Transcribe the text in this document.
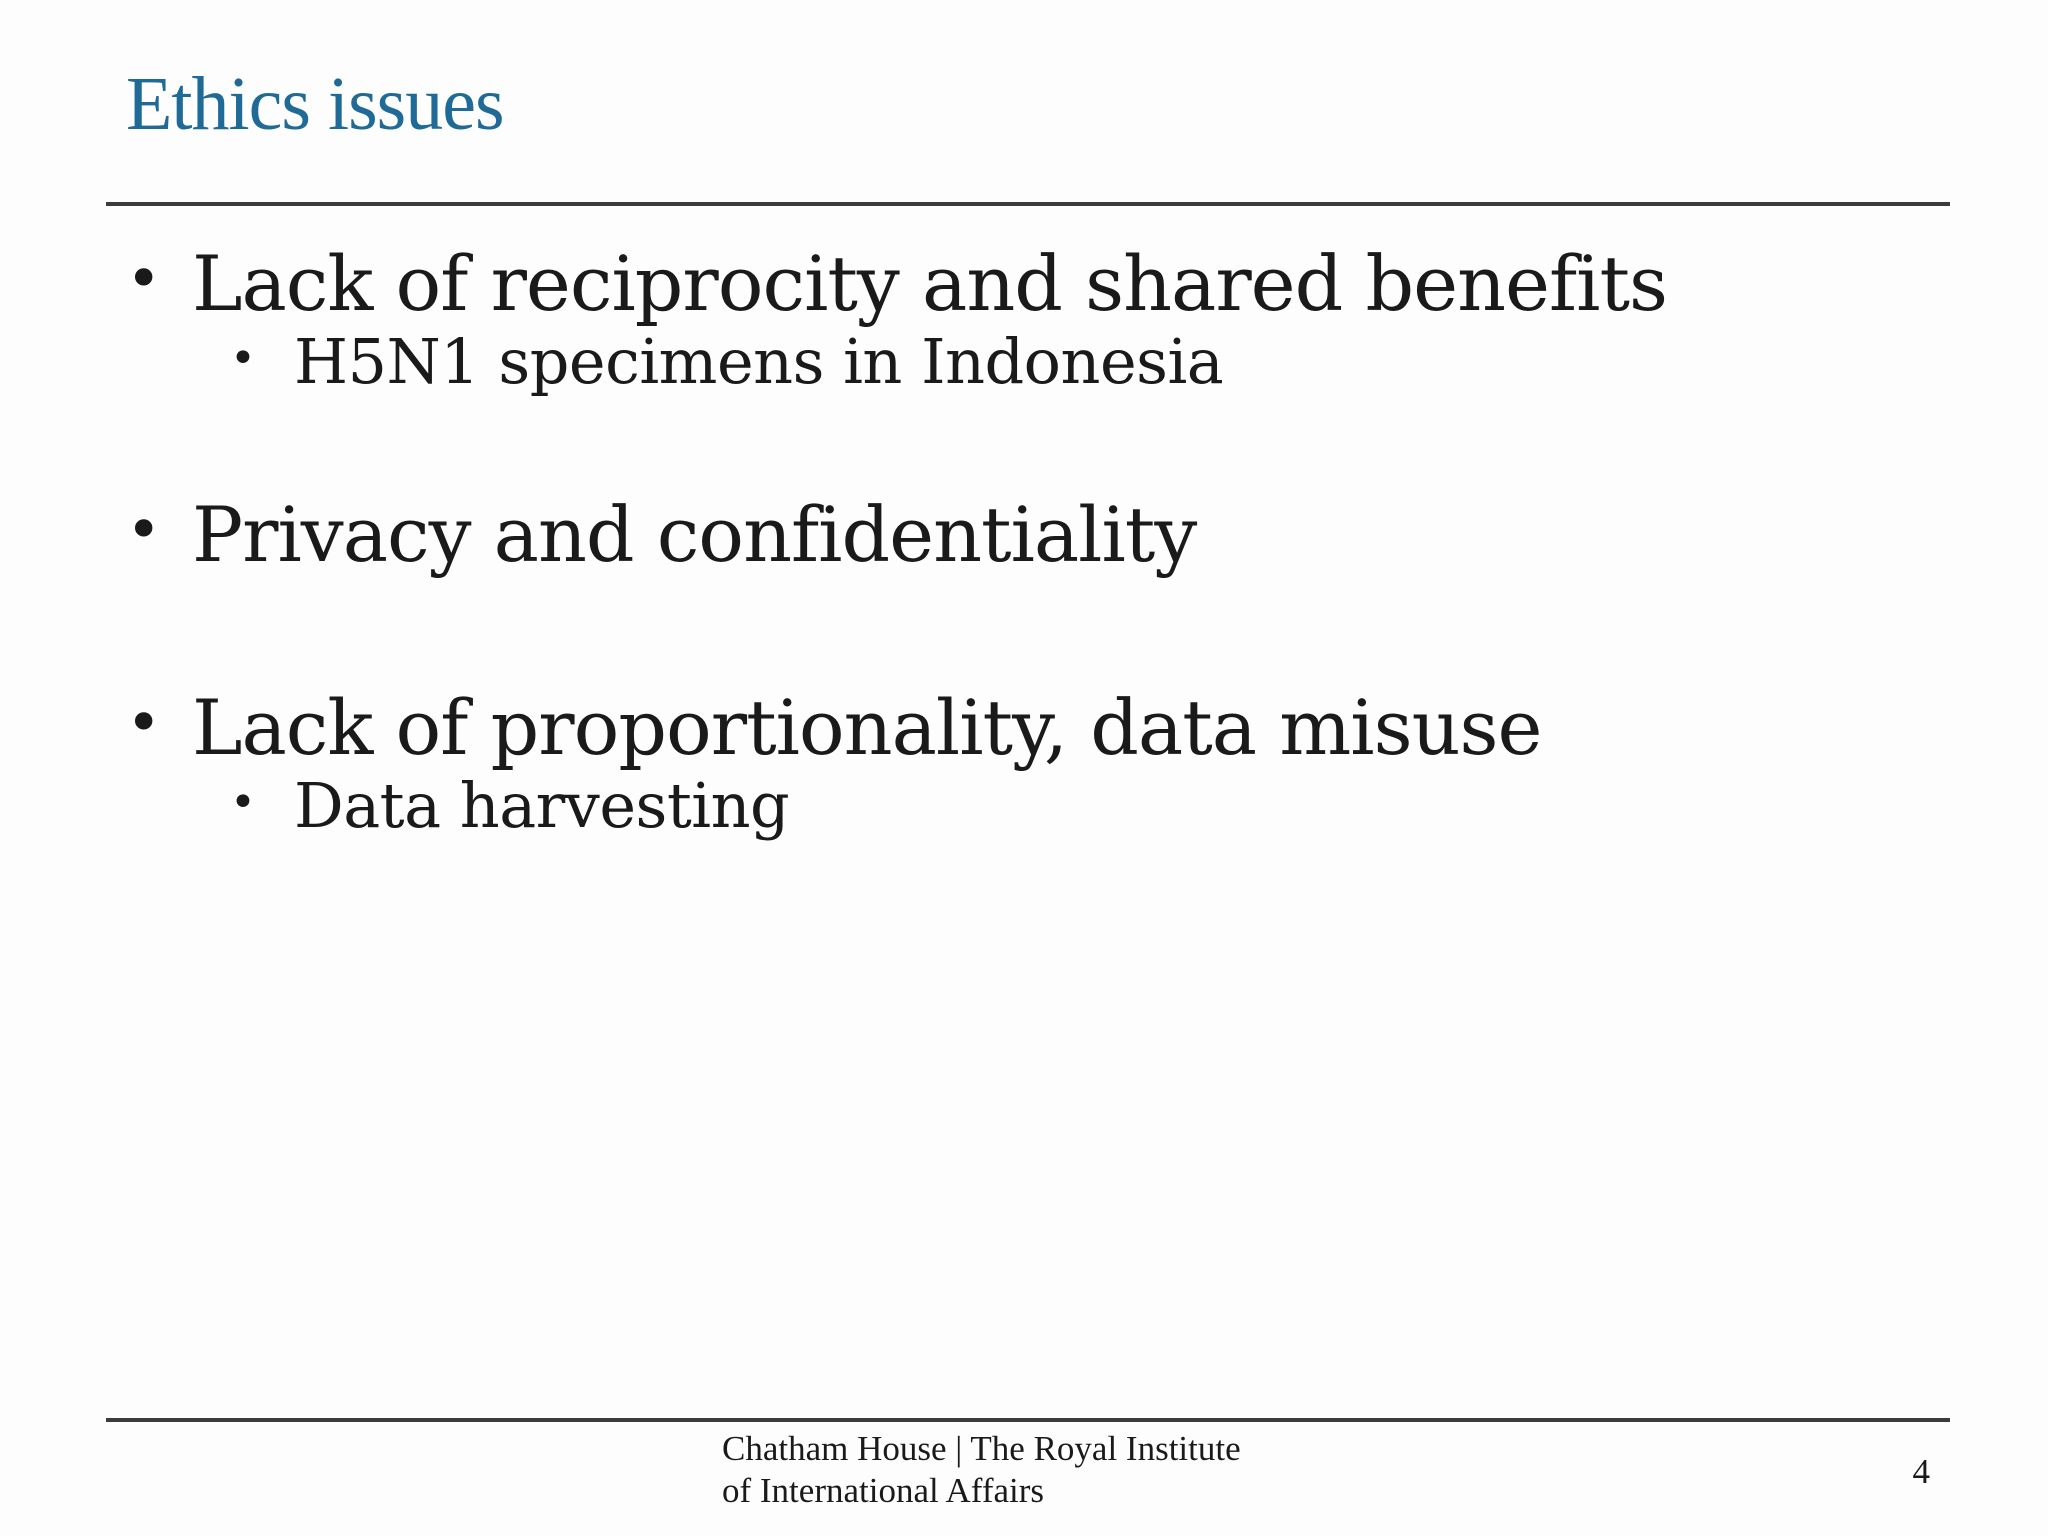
Ethics issues
• Lack of reciprocity and shared benefits
• H5N1 specimens in Indonesia
• Privacy and confidentiality
• Lack of proportionality, data misuse
• Data harvesting
Chatham House | The Royal Institute
of International Affairs	4
